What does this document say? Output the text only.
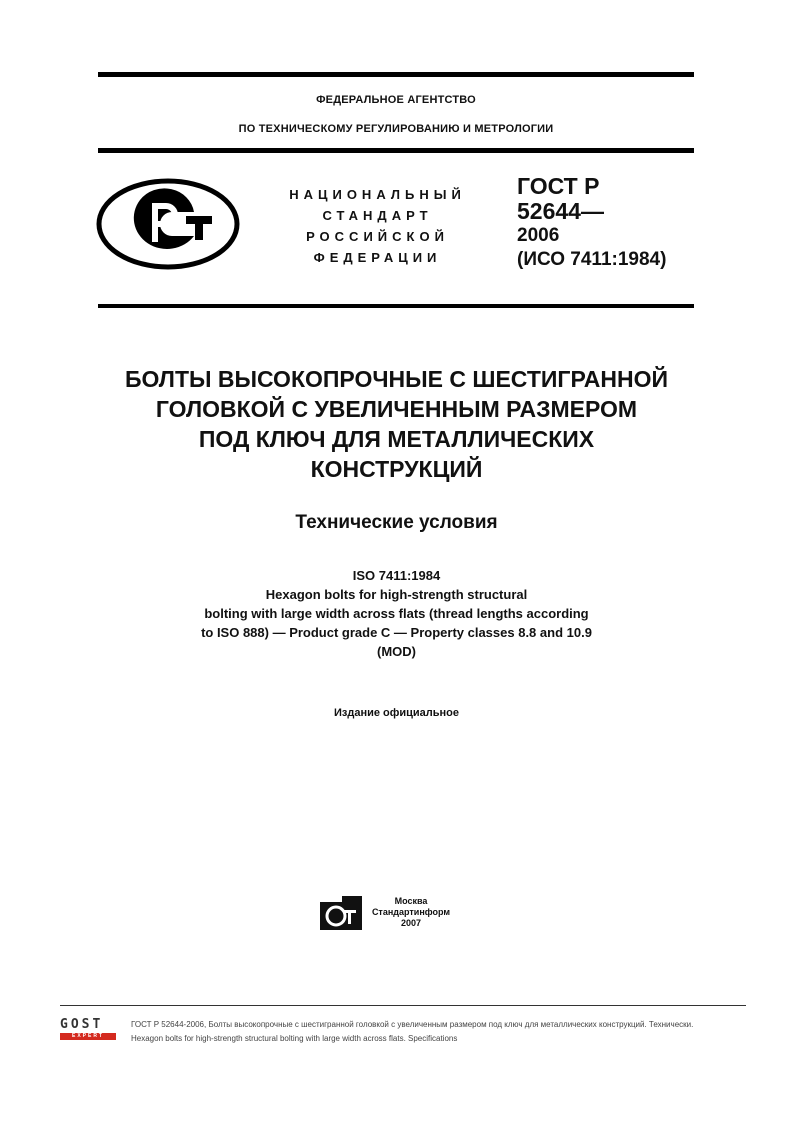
ФЕДЕРАЛЬНОЕ АГЕНТСТВО
ПО ТЕХНИЧЕСКОМУ РЕГУЛИРОВАНИЮ И МЕТРОЛОГИИ
НАЦИОНАЛЬНЫЙ
СТАНДАРТ
РОССИЙСКОЙ
ФЕДЕРАЦИИ
ГОСТ Р
52644—
2006
(ИСО 7411:1984)
БОЛТЫ ВЫСОКОПРОЧНЫЕ С ШЕСТИГРАННОЙ
ГОЛОВКОЙ С УВЕЛИЧЕННЫМ РАЗМЕРОМ
ПОД КЛЮЧ ДЛЯ МЕТАЛЛИЧЕСКИХ
КОНСТРУКЦИЙ
Технические условия
ISO 7411:1984
Hexagon bolts for high-strength structural
bolting with large width across flats (thread lengths according
to ISO 888) — Product grade C — Property classes 8.8 and 10.9
(MOD)
Издание официальное
Москва
Стандартинформ
2007
GOST
EXPERT
ГОСТ Р 52644-2006, Болты высокопрочные с шестигранной головкой с увеличенным размером под ключ для металлических конструкций. Технически.
Hexagon bolts for high-strength structural bolting with large width across flats. Specifications
